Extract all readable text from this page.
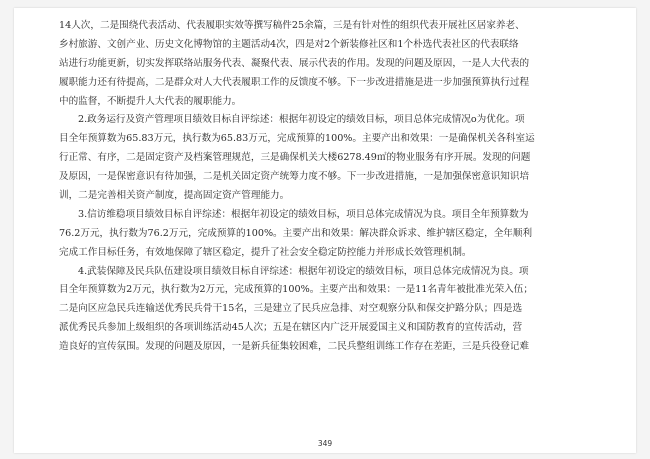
14人次，二是围绕代表活动、代表履职实效等撰写稿件25余篇，三是有针对性的组织代表开展社区居家养老、
乡村旅游、文创产业、历史文化博物馆的主题活动4次，四是对2个新装修社区和1个朴选代表社区的代表联络
站进行功能更新，切实发挥联络站服务代表、凝聚代表、展示代表的作用。发现的问题及原因，一是人大代表的
履职能力还有待提高，二是群众对人大代表履职工作的反馈度不够。下一步改进措施是进一步加强预算执行过程
中的监督，不断提升人大代表的履职能力。
2.政务运行及资产管理项目绩效目标自评综述：根据年初设定的绩效目标，项目总体完成情况ο为优化。项
目全年预算数为65.83万元，执行数为65.83万元，完成预算的100%。主要产出和效果：一是确保机关各科室运
行正常、有序，二是固定资产及档案管理规范，三是确保机关大楼6278.49㎡的物业服务有序开展。发现的问题
及原因，一是保密意识有待加强，二是机关固定资产统筹力度不够。下一步改进措施，一是加强保密意识知识培
训，二是完善相关资产制度，提高固定资产管理能力。
3.信访维稳项目绩效目标自评综述：根据年初设定的绩效目标，项目总体完成情况为良。项目全年预算数为
76.2万元，执行数为76.2万元，完成预算的100%。主要产出和效果：解决群众诉求、维护辖区稳定，全年顺利
完成工作目标任务，有效地保障了辖区稳定，提升了社会安全稳定防控能力并形成长效管理机制。
4.武装保障及民兵队伍建设项目绩效目标自评综述：根据年初设定的绩效目标，项目总体完成情况为良。项
目全年预算数为2万元，执行数为2万元，完成预算的100%。主要产出和效果：一是11名青年被批准光荣入伍；
二是向区应急民兵连输送优秀民兵骨干15名，三是建立了民兵应急排、对空观察分队和保交护路分队；四是选
派优秀民兵参加上级组织的各项训练活动45人次；五是在辖区内广泛开展爱国主义和国防教育的宣传活动，营
造良好的宣传氛围。发现的问题及原因，一是新兵征集较困难，二民兵整组训练工作存在差距，三是兵役登记难
349
